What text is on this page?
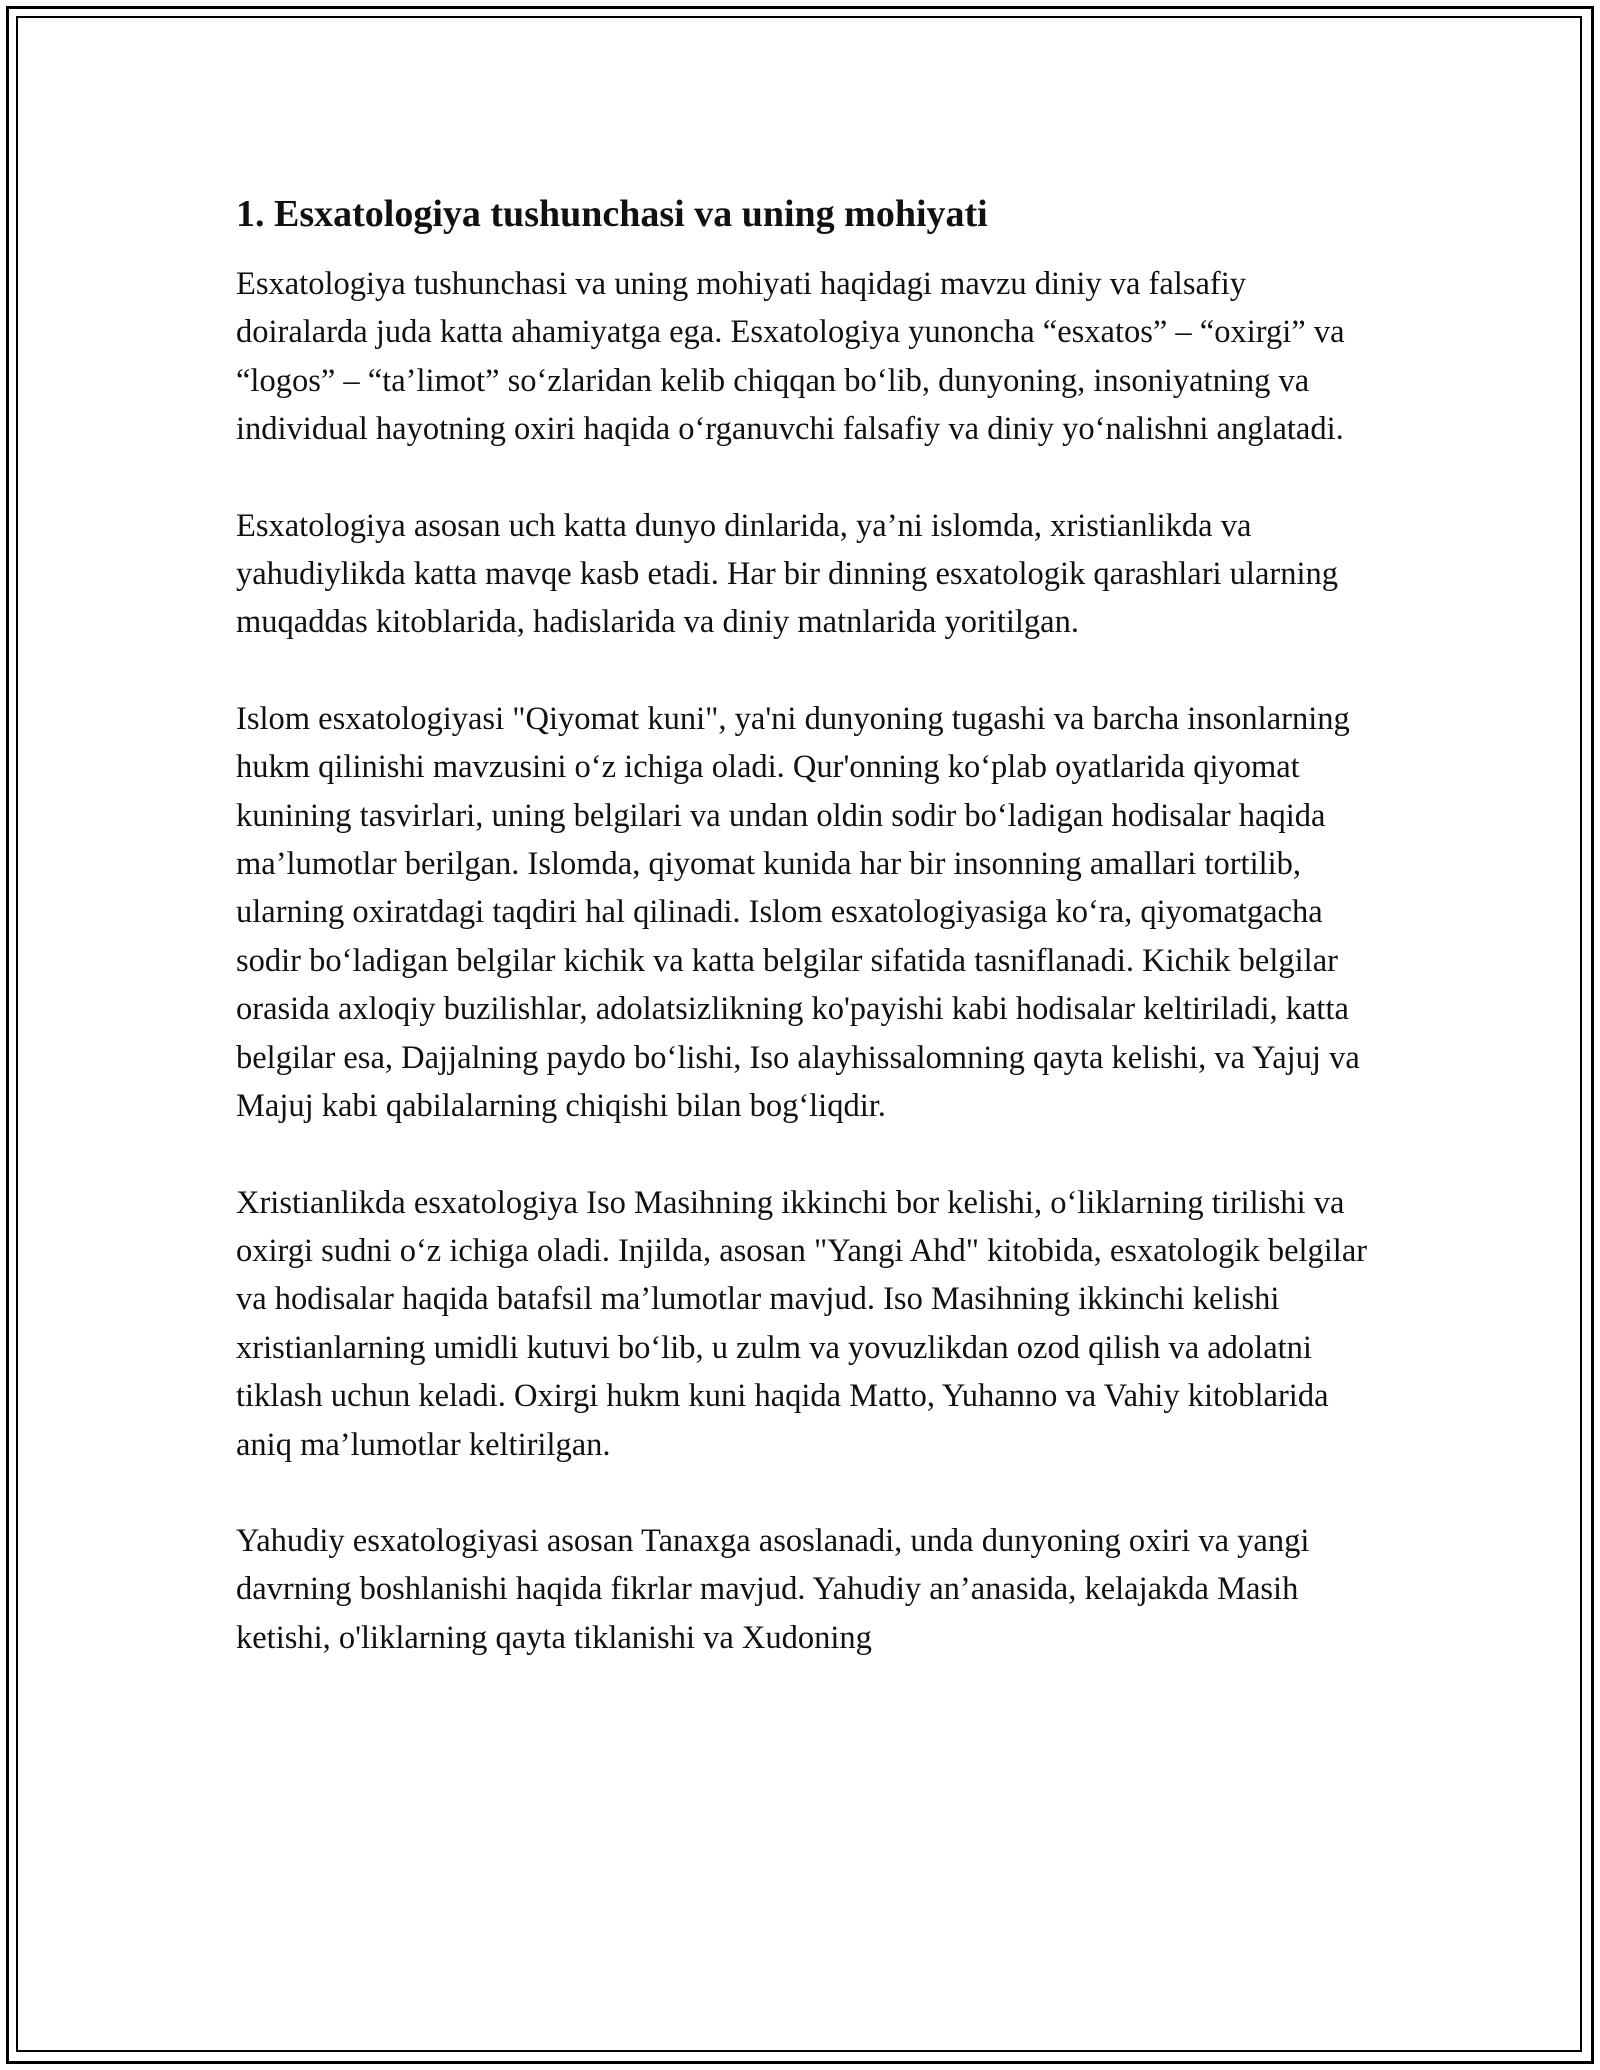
1. Esxatologiya tushunchasi va uning mohiyati

Esxatologiya tushunchasi va uning mohiyati haqidagi mavzu diniy va falsafiy doiralarda juda katta ahamiyatga ega. Esxatologiya yunoncha “esxatos” – “oxirgi” va “logos” – “ta’limot” so‘zlaridan kelib chiqqan bo‘lib, dunyoning, insoniyatning va individual hayotning oxiri haqida o‘rganuvchi falsafiy va diniy yo‘nalishni anglatadi.

Esxatologiya asosan uch katta dunyo dinlarida, ya’ni islomda, xristianlikda va yahudiylikda katta mavqe kasb etadi. Har bir dinning esxatologik qarashlari ularning muqaddas kitoblarida, hadislarida va diniy matnlarida yoritilgan.

Islom esxatologiyasi "Qiyomat kuni", ya'ni dunyoning tugashi va barcha insonlarning hukm qilinishi mavzusini o‘z ichiga oladi. Qur'onning ko‘plab oyatlarida qiyomat kunining tasvirlari, uning belgilari va undan oldin sodir bo‘ladigan hodisalar haqida ma’lumotlar berilgan. Islomda, qiyomat kunida har bir insonning amallari tortilib, ularning oxiratdagi taqdiri hal qilinadi. Islom esxatologiyasiga ko‘ra, qiyomatgacha sodir bo‘ladigan belgilar kichik va katta belgilar sifatida tasniflanadi. Kichik belgilar orasida axloqiy buzilishlar, adolatsizlikning ko'payishi kabi hodisalar keltiriladi, katta belgilar esa, Dajjalning paydo bo‘lishi, Iso alayhissalomning qayta kelishi, va Yajuj va Majuj kabi qabilalarning chiqishi bilan bog‘liqdir.

Xristianlikda esxatologiya Iso Masihning ikkinchi bor kelishi, o‘liklarning tirilishi va oxirgi sudni o‘z ichiga oladi. Injilda, asosan "Yangi Ahd" kitobida, esxatologik belgilar va hodisalar haqida batafsil ma’lumotlar mavjud. Iso Masihning ikkinchi kelishi xristianlarning umidli kutuvi bo‘lib, u zulm va yovuzlikdan ozod qilish va adolatni tiklash uchun keladi. Oxirgi hukm kuni haqida Matto, Yuhanno va Vahiy kitoblarida aniq ma’lumotlar keltirilgan.

Yahudiy esxatologiyasi asosan Tanaxga asoslanadi, unda dunyoning oxiri va yangi davrning boshlanishi haqida fikrlar mavjud. Yahudiy an’anasida, kelajakda Masih ketishi, o'liklarning qayta tiklanishi va Xudoning
